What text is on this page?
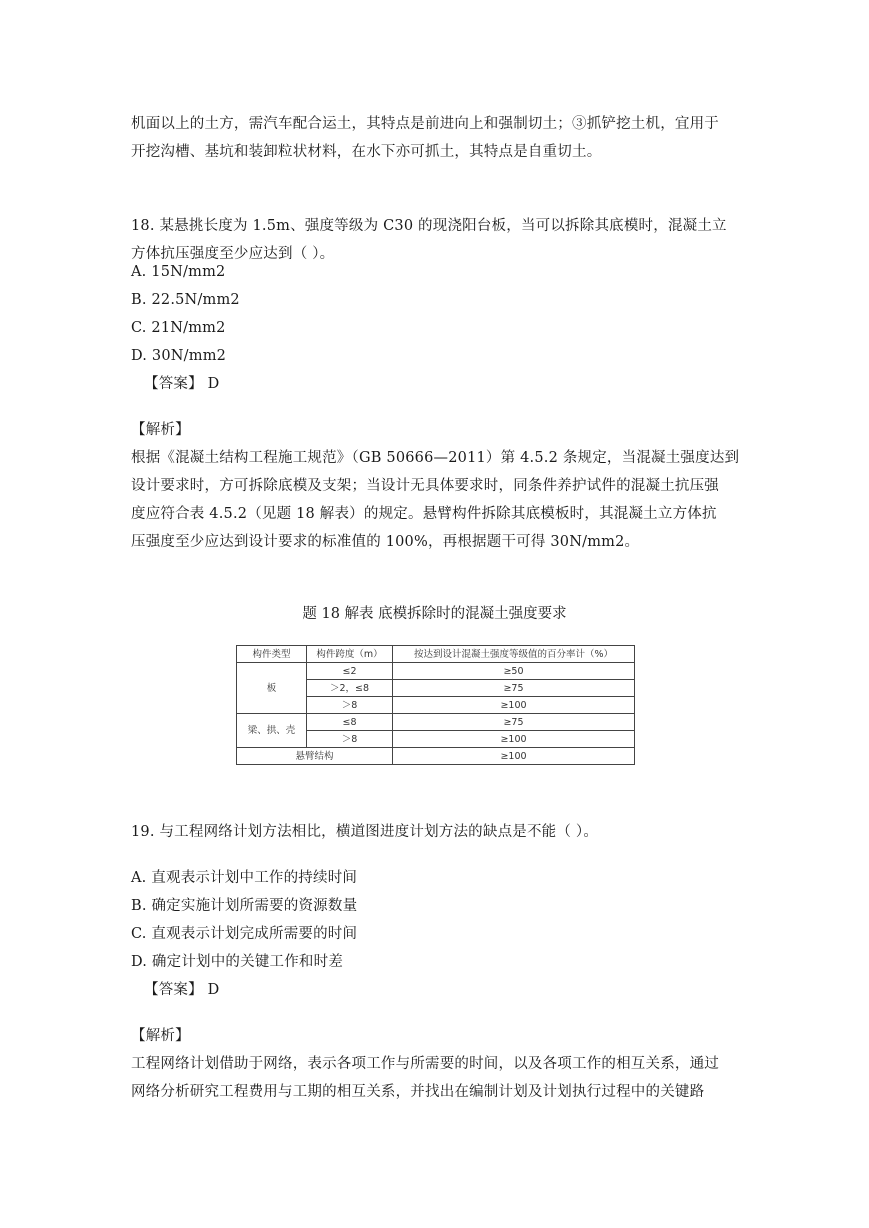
机面以上的土方，需汽车配合运土，其特点是前进向上和强制切土；③抓铲挖土机，宜用于

开挖沟槽、基坑和装卸粒状材料，在水下亦可抓土，其特点是自重切土。

18. 某悬挑长度为 1.5m、强度等级为 C30 的现浇阳台板，当可以拆除其底模时，混凝土立

方体抗压强度至少应达到（ ）。

A. 15N/mm2

B. 22.5N/mm2

C. 21N/mm2

D. 30N/mm2

【答案】 D

【解析】

根据《混凝土结构工程施工规范》（GB 50666—2011）第 4.5.2 条规定，当混凝土强度达到

设计要求时，方可拆除底模及支架；当设计无具体要求时，同条件养护试件的混凝土抗压强

度应符合表 4.5.2（见题 18 解表）的规定。悬臂构件拆除其底模板时，其混凝土立方体抗

压强度至少应达到设计要求的标准值的 100%，再根据题干可得 30N/mm2。

题 18 解表 底模拆除时的混凝土强度要求

构件类型	构件跨度（m）	按达到设计混凝土强度等级值的百分率计（%）
板	≤2	≥50
	＞2，≤8	≥75
	＞8	≥100
梁、拱、壳	≤8	≥75
	＞8	≥100
悬臂结构		≥100

19. 与工程网络计划方法相比，横道图进度计划方法的缺点是不能（ ）。

A. 直观表示计划中工作的持续时间

B. 确定实施计划所需要的资源数量

C. 直观表示计划完成所需要的时间

D. 确定计划中的关键工作和时差

【答案】 D

【解析】

工程网络计划借助于网络，表示各项工作与所需要的时间，以及各项工作的相互关系，通过

网络分析研究工程费用与工期的相互关系，并找出在编制计划及计划执行过程中的关键路
